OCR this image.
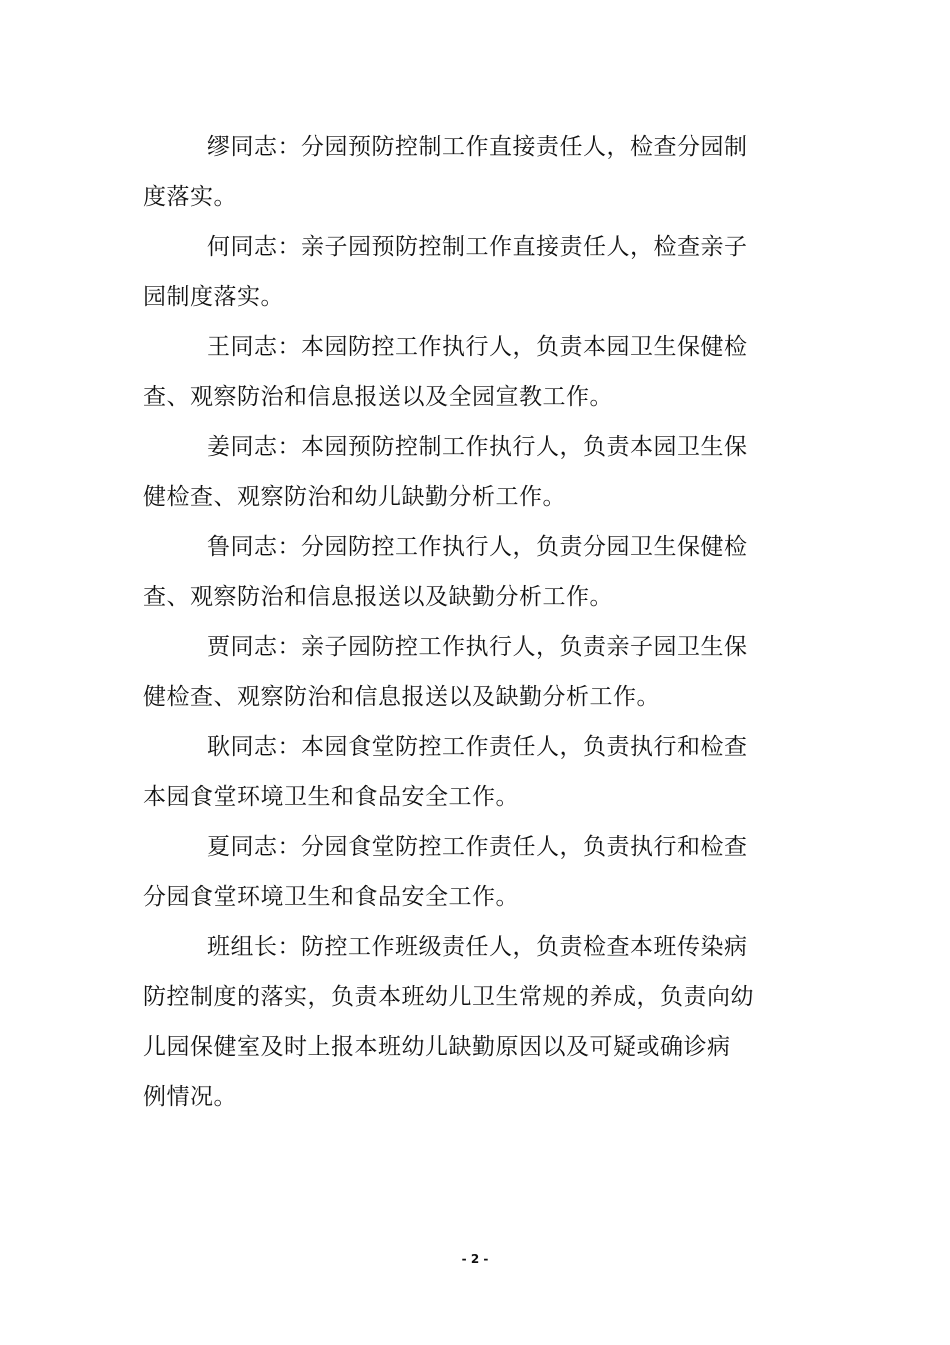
缪同志：分园预防控制工作直接责任人，检查分园制
度落实。

何同志：亲子园预防控制工作直接责任人，检查亲子
园制度落实。

王同志：本园防控工作执行人，负责本园卫生保健检
查、观察防治和信息报送以及全园宣教工作。

姜同志：本园预防控制工作执行人，负责本园卫生保
健检查、观察防治和幼儿缺勤分析工作。

鲁同志：分园防控工作执行人，负责分园卫生保健检
查、观察防治和信息报送以及缺勤分析工作。

贾同志：亲子园防控工作执行人，负责亲子园卫生保
健检查、观察防治和信息报送以及缺勤分析工作。

耿同志：本园食堂防控工作责任人，负责执行和检查
本园食堂环境卫生和食品安全工作。

夏同志：分园食堂防控工作责任人，负责执行和检查
分园食堂环境卫生和食品安全工作。

班组长：防控工作班级责任人，负责检查本班传染病
防控制度的落实，负责本班幼儿卫生常规的养成，负责向幼
儿园保健室及时上报本班幼儿缺勤原因以及可疑或确诊病
例情况。

- 2 -
